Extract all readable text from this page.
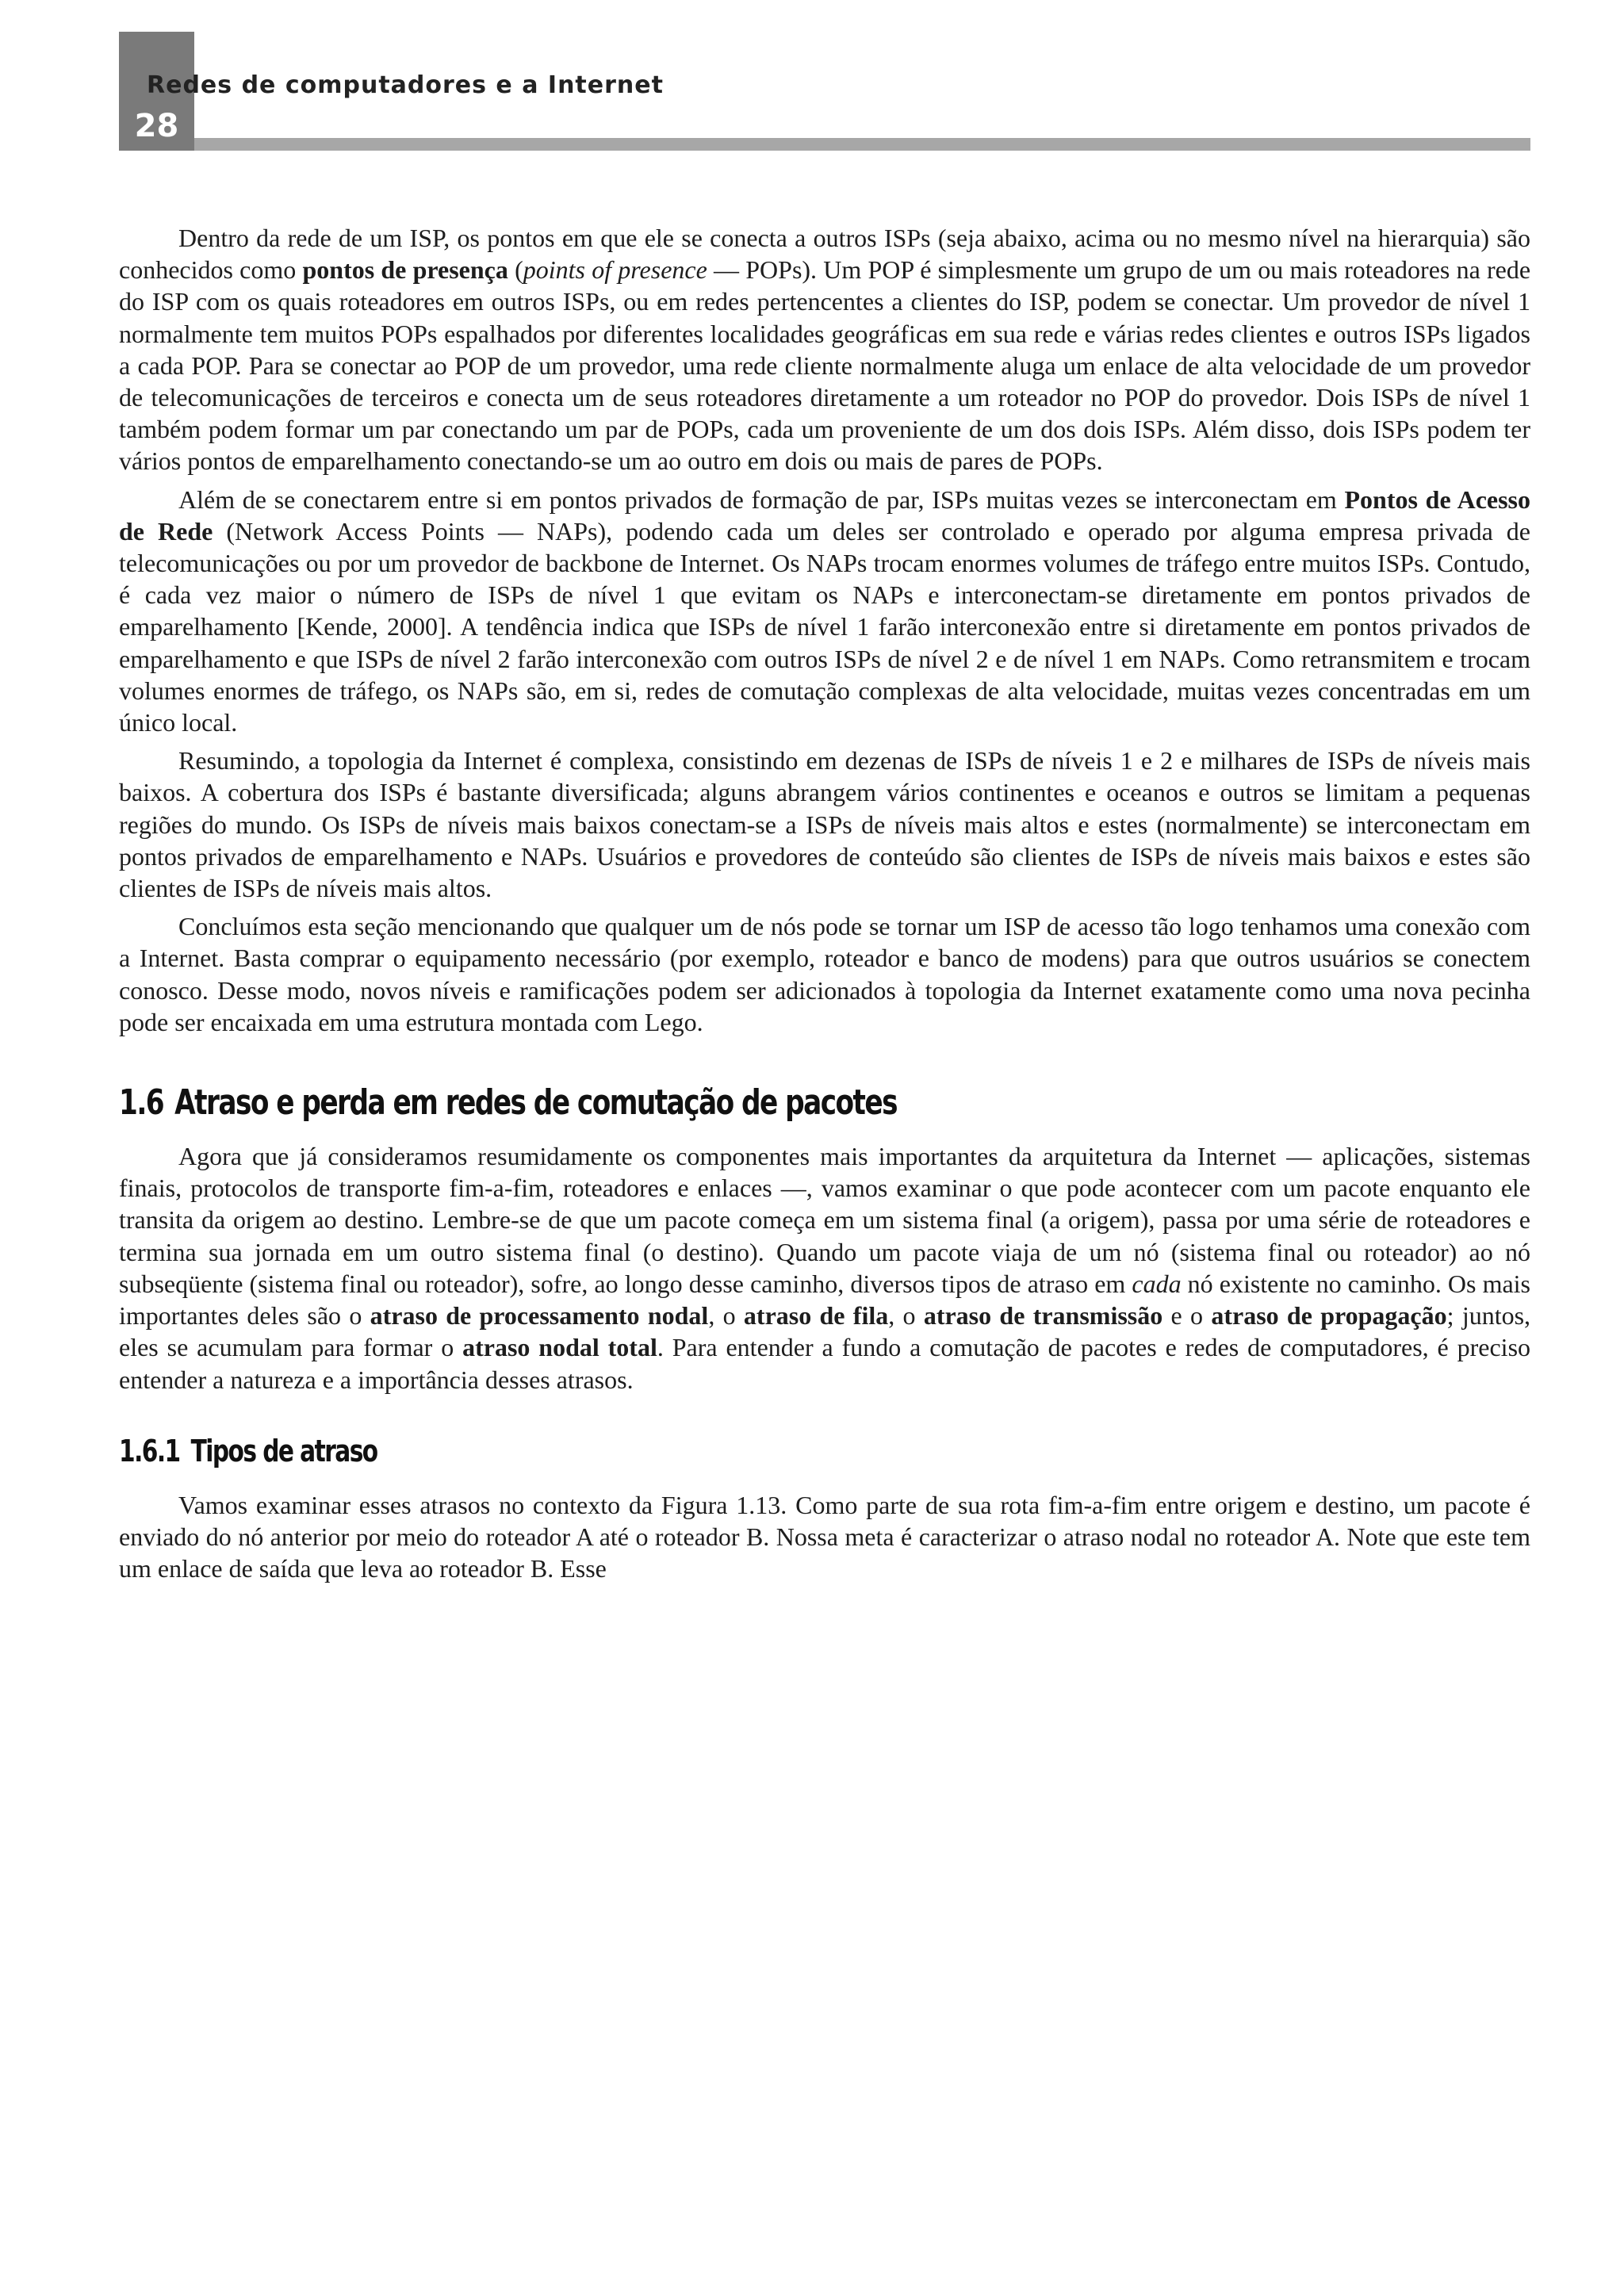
28
Redes de computadores e a Internet

Dentro da rede de um ISP, os pontos em que ele se conecta a outros ISPs (seja abaixo, acima ou no mesmo nível na hierarquia) são conhecidos como pontos de presença (points of presence — POPs). Um POP é simplesmente um grupo de um ou mais roteadores na rede do ISP com os quais roteadores em outros ISPs, ou em redes pertencentes a clientes do ISP, podem se conectar. Um provedor de nível 1 normalmente tem muitos POPs espalhados por diferentes localidades geográficas em sua rede e várias redes clientes e outros ISPs ligados a cada POP. Para se conectar ao POP de um provedor, uma rede cliente normalmente aluga um enlace de alta velocidade de um provedor de telecomunicações de terceiros e conecta um de seus roteadores diretamente a um roteador no POP do provedor. Dois ISPs de nível 1 também podem formar um par conectando um par de POPs, cada um proveniente de um dos dois ISPs. Além disso, dois ISPs podem ter vários pontos de emparelhamento conectando-se um ao outro em dois ou mais de pares de POPs.

Além de se conectarem entre si em pontos privados de formação de par, ISPs muitas vezes se interconectam em Pontos de Acesso de Rede (Network Access Points — NAPs), podendo cada um deles ser controlado e operado por alguma empresa privada de telecomunicações ou por um provedor de backbone de Internet. Os NAPs trocam enormes volumes de tráfego entre muitos ISPs. Contudo, é cada vez maior o número de ISPs de nível 1 que evitam os NAPs e interconectam-se diretamente em pontos privados de emparelhamento [Kende, 2000]. A tendência indica que ISPs de nível 1 farão interconexão entre si diretamente em pontos privados de emparelhamento e que ISPs de nível 2 farão interconexão com outros ISPs de nível 2 e de nível 1 em NAPs. Como retransmitem e trocam volumes enormes de tráfego, os NAPs são, em si, redes de comutação complexas de alta velocidade, muitas vezes concentradas em um único local.

Resumindo, a topologia da Internet é complexa, consistindo em dezenas de ISPs de níveis 1 e 2 e milhares de ISPs de níveis mais baixos. A cobertura dos ISPs é bastante diversificada; alguns abrangem vários continentes e oceanos e outros se limitam a pequenas regiões do mundo. Os ISPs de níveis mais baixos conectam-se a ISPs de níveis mais altos e estes (normalmente) se interconectam em pontos privados de emparelhamento e NAPs. Usuários e provedores de conteúdo são clientes de ISPs de níveis mais baixos e estes são clientes de ISPs de níveis mais altos.

Concluímos esta seção mencionando que qualquer um de nós pode se tornar um ISP de acesso tão logo tenhamos uma conexão com a Internet. Basta comprar o equipamento necessário (por exemplo, roteador e banco de modens) para que outros usuários se conectem conosco. Desse modo, novos níveis e ramificações podem ser adicionados à topologia da Internet exatamente como uma nova pecinha pode ser encaixada em uma estrutura montada com Lego.

1.6 Atraso e perda em redes de comutação de pacotes

Agora que já consideramos resumidamente os componentes mais importantes da arquitetura da Internet — aplicações, sistemas finais, protocolos de transporte fim-a-fim, roteadores e enlaces —, vamos examinar o que pode acontecer com um pacote enquanto ele transita da origem ao destino. Lembre-se de que um pacote começa em um sistema final (a origem), passa por uma série de roteadores e termina sua jornada em um outro sistema final (o destino). Quando um pacote viaja de um nó (sistema final ou roteador) ao nó subseqüente (sistema final ou roteador), sofre, ao longo desse caminho, diversos tipos de atraso em cada nó existente no caminho. Os mais importantes deles são o atraso de processamento nodal, o atraso de fila, o atraso de transmissão e o atraso de propagação; juntos, eles se acumulam para formar o atraso nodal total. Para entender a fundo a comutação de pacotes e redes de computadores, é preciso entender a natureza e a importância desses atrasos.

1.6.1 Tipos de atraso

Vamos examinar esses atrasos no contexto da Figura 1.13. Como parte de sua rota fim-a-fim entre origem e destino, um pacote é enviado do nó anterior por meio do roteador A até o roteador B. Nossa meta é caracterizar o atraso nodal no roteador A. Note que este tem um enlace de saída que leva ao roteador B. Esse
